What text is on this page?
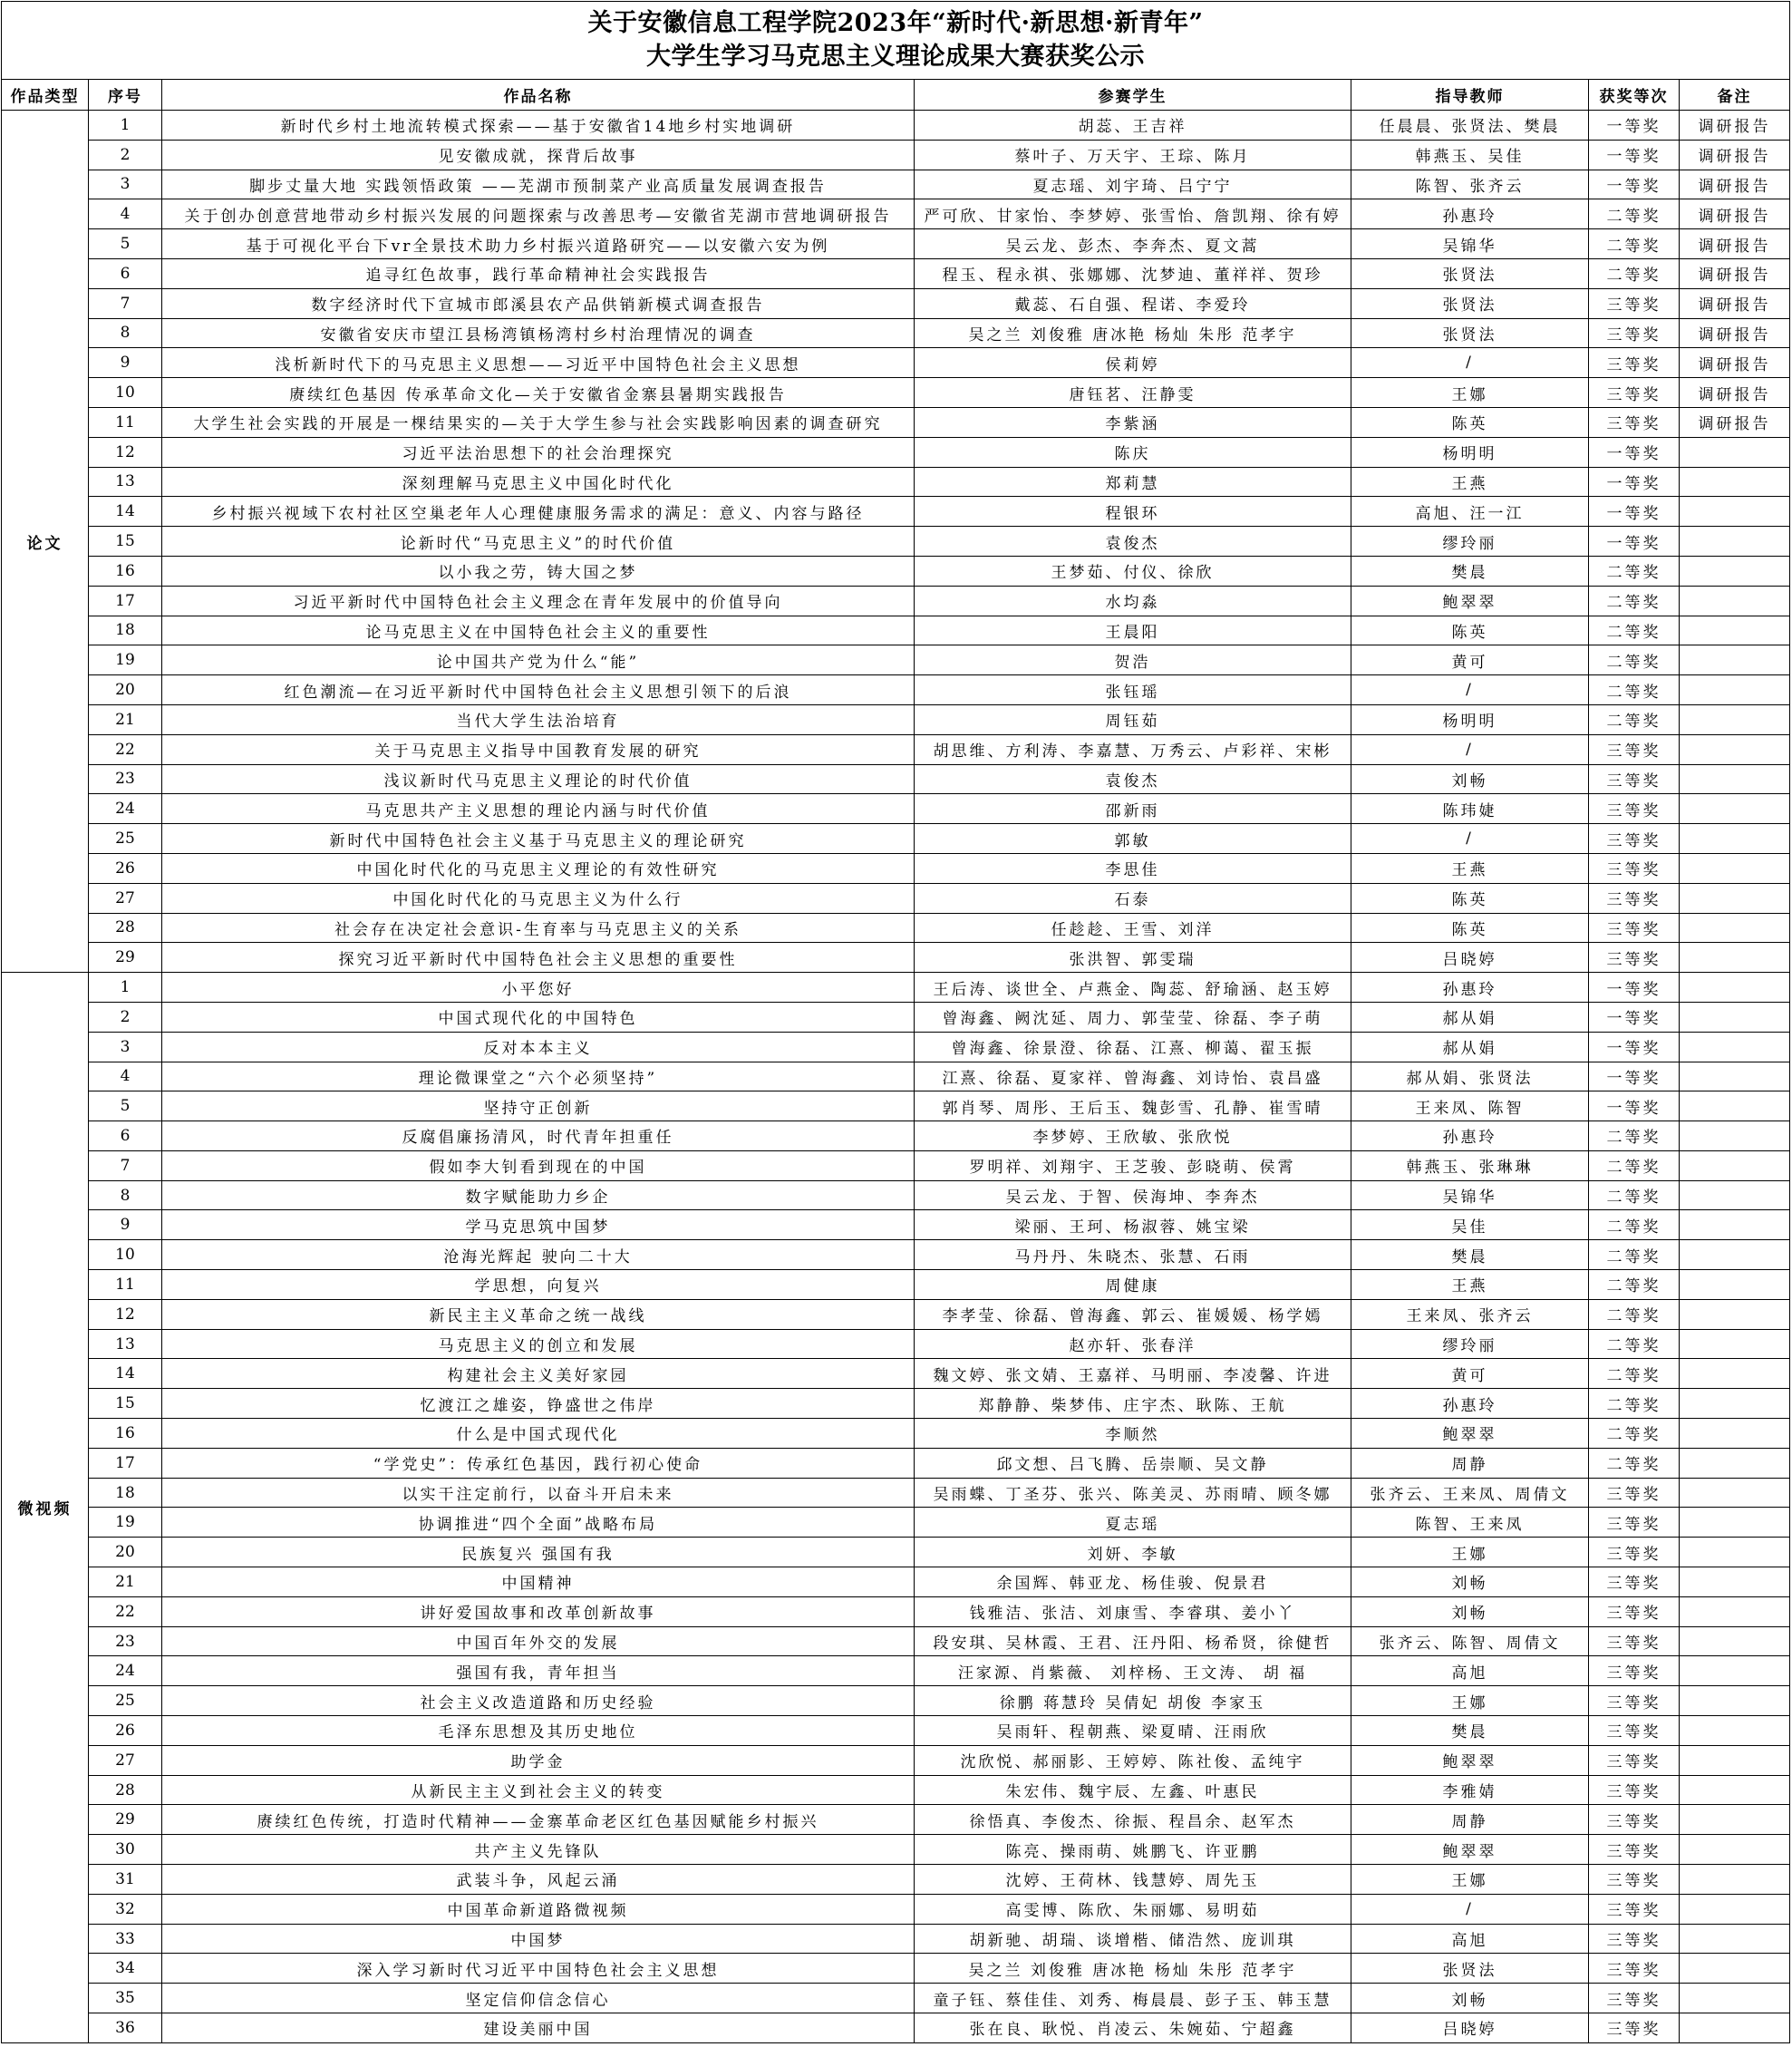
关于安徽信息工程学院2023年“新时代·新思想·新青年”
大学生学习马克思主义理论成果大赛获奖公示
作品类型	序号	作品名称	参赛学生	指导教师	获奖等次	备注
论文
1	新时代乡村土地流转模式探索——基于安徽省14地乡村实地调研	胡蕊、王吉祥	任晨晨、张贤法、樊晨	一等奖	调研报告
2	见安徽成就，探背后故事	蔡叶子、万天宇、王琮、陈月	韩燕玉、吴佳	一等奖	调研报告
3	脚步丈量大地 实践领悟政策 ——芜湖市预制菜产业高质量发展调查报告	夏志瑶、刘宇琦、吕宁宁	陈智、张齐云	一等奖	调研报告
4	关于创办创意营地带动乡村振兴发展的问题探索与改善思考—安徽省芜湖市营地调研报告	严可欣、甘家怡、李梦婷、张雪怡、詹凯翔、徐有婷	孙惠玲	二等奖	调研报告
5	基于可视化平台下vr全景技术助力乡村振兴道路研究——以安徽六安为例	吴云龙、彭杰、李奔杰、夏文蒿	吴锦华	二等奖	调研报告
6	追寻红色故事，践行革命精神社会实践报告	程玉、程永祺、张娜娜、沈梦迪、董祥祥、贺珍	张贤法	二等奖	调研报告
7	数字经济时代下宣城市郎溪县农产品供销新模式调查报告	戴蕊、石自强、程诺、李爱玲	张贤法	三等奖	调研报告
8	安徽省安庆市望江县杨湾镇杨湾村乡村治理情况的调查	吴之兰 刘俊雅 唐冰艳 杨灿 朱彤 范孝宇	张贤法	三等奖	调研报告
9	浅析新时代下的马克思主义思想——习近平中国特色社会主义思想	侯莉婷	/	三等奖	调研报告
10	赓续红色基因 传承革命文化—关于安徽省金寨县暑期实践报告	唐钰茗、汪静雯	王娜	三等奖	调研报告
11	大学生社会实践的开展是一棵结果实的—关于大学生参与社会实践影响因素的调查研究	李紫涵	陈英	三等奖	调研报告
12	习近平法治思想下的社会治理探究	陈庆	杨明明	一等奖
13	深刻理解马克思主义中国化时代化	郑莉慧	王燕	一等奖
14	乡村振兴视域下农村社区空巢老年人心理健康服务需求的满足：意义、内容与路径	程银环	高旭、汪一江	一等奖
15	论新时代“马克思主义”的时代价值	袁俊杰	缪玲丽	一等奖
16	以小我之劳，铸大国之梦	王梦茹、付仪、徐欣	樊晨	二等奖
17	习近平新时代中国特色社会主义理念在青年发展中的价值导向	水均淼	鲍翠翠	二等奖
18	论马克思主义在中国特色社会主义的重要性	王晨阳	陈英	二等奖
19	论中国共产党为什么“能”	贺浩	黄可	二等奖
20	红色潮流—在习近平新时代中国特色社会主义思想引领下的后浪	张钰瑶	/	二等奖
21	当代大学生法治培育	周钰茹	杨明明	二等奖
22	关于马克思主义指导中国教育发展的研究	胡思维、方利涛、李嘉慧、万秀云、卢彩祥、宋彬	/	三等奖
23	浅议新时代马克思主义理论的时代价值	袁俊杰	刘畅	三等奖
24	马克思共产主义思想的理论内涵与时代价值	邵新雨	陈玮婕	三等奖
25	新时代中国特色社会主义基于马克思主义的理论研究	郭敏	/	三等奖
26	中国化时代化的马克思主义理论的有效性研究	李思佳	王燕	三等奖
27	中国化时代化的马克思主义为什么行	石泰	陈英	三等奖
28	社会存在决定社会意识-生育率与马克思主义的关系	任趁趁、王雪、刘洋	陈英	三等奖
29	探究习近平新时代中国特色社会主义思想的重要性	张洪智、郭雯瑞	吕晓婷	三等奖
微视频
1	小平您好	王后涛、谈世全、卢燕金、陶蕊、舒瑜涵、赵玉婷	孙惠玲	一等奖
2	中国式现代化的中国特色	曾海鑫、阙沈延、周力、郭莹莹、徐磊、李子萌	郝从娟	一等奖
3	反对本本主义	曾海鑫、徐景澄、徐磊、江熹、柳蔼、翟玉振	郝从娟	一等奖
4	理论微课堂之“六个必须坚持”	江熹、徐磊、夏家祥、曾海鑫、刘诗怡、袁昌盛	郝从娟、张贤法	一等奖
5	坚持守正创新	郭肖琴、周彤、王后玉、魏彭雪、孔静、崔雪晴	王来凤、陈智	一等奖
6	反腐倡廉扬清风，时代青年担重任	李梦婷、王欣敏、张欣悦	孙惠玲	二等奖
7	假如李大钊看到现在的中国	罗明祥、刘翔宇、王芝骏、彭晓萌、侯霄	韩燕玉、张琳琳	二等奖
8	数字赋能助力乡企	吴云龙、于智、侯海坤、李奔杰	吴锦华	二等奖
9	学马克思筑中国梦	梁丽、王珂、杨淑蓉、姚宝梁	吴佳	二等奖
10	沧海光辉起 驶向二十大	马丹丹、朱晓杰、张慧、石雨	樊晨	二等奖
11	学思想，向复兴	周健康	王燕	二等奖
12	新民主主义革命之统一战线	李孝莹、徐磊、曾海鑫、郭云、崔媛媛、杨学嫣	王来凤、张齐云	二等奖
13	马克思主义的创立和发展	赵亦轩、张春洋	缪玲丽	二等奖
14	构建社会主义美好家园	魏文婷、张文婧、王嘉祥、马明丽、李凌馨、许进	黄可	二等奖
15	忆渡江之雄姿，铮盛世之伟岸	郑静静、柴梦伟、庄宇杰、耿陈、王航	孙惠玲	二等奖
16	什么是中国式现代化	李顺然	鲍翠翠	二等奖
17	“学党史”：传承红色基因，践行初心使命	邱文想、吕飞腾、岳崇顺、吴文静	周静	二等奖
18	以实干注定前行，以奋斗开启未来	吴雨蝶、丁圣芬、张兴、陈美灵、苏雨晴、顾冬娜	张齐云、王来凤、周倩文	三等奖
19	协调推进“四个全面”战略布局	夏志瑶	陈智、王来凤	三等奖
20	民族复兴 强国有我	刘妍、李敏	王娜	三等奖
21	中国精神	余国辉、韩亚龙、杨佳骏、倪景君	刘畅	三等奖
22	讲好爱国故事和改革创新故事	钱雅洁、张洁、刘康雪、李睿琪、姜小丫	刘畅	三等奖
23	中国百年外交的发展	段安琪、吴林霞、王君、汪丹阳、杨希贤，徐健哲	张齐云、陈智、周倩文	三等奖
24	强国有我，青年担当	汪家源、肖紫薇、 刘梓杨、王文涛、 胡 福	高旭	三等奖
25	社会主义改造道路和历史经验	徐鹏 蒋慧玲 吴倩妃 胡俊 李家玉	王娜	三等奖
26	毛泽东思想及其历史地位	吴雨轩、程朝燕、梁夏晴、汪雨欣	樊晨	三等奖
27	助学金	沈欣悦、郝丽影、王婷婷、陈社俊、孟纯宇	鲍翠翠	三等奖
28	从新民主主义到社会主义的转变	朱宏伟、魏宇辰、左鑫、叶惠民	李雅婧	三等奖
29	赓续红色传统，打造时代精神——金寨革命老区红色基因赋能乡村振兴	徐悟真、李俊杰、徐振、程昌余、赵军杰	周静	三等奖
30	共产主义先锋队	陈亮、操雨萌、姚鹏飞、许亚鹏	鲍翠翠	三等奖
31	武装斗争，风起云涌	沈婷、王荷林、钱慧婷、周先玉	王娜	三等奖
32	中国革命新道路微视频	高雯博、陈欣、朱丽娜、易明茹	/	三等奖
33	中国梦	胡新驰、胡瑞、谈增楷、储浩然、庞训琪	高旭	三等奖
34	深入学习新时代习近平中国特色社会主义思想	吴之兰 刘俊雅 唐冰艳 杨灿 朱彤 范孝宇	张贤法	三等奖
35	坚定信仰信念信心	童子钰、蔡佳佳、刘秀、梅晨晨、彭子玉、韩玉慧	刘畅	三等奖
36	建设美丽中国	张在良、耿悦、肖凌云、朱婉茹、宁超鑫	吕晓婷	三等奖
